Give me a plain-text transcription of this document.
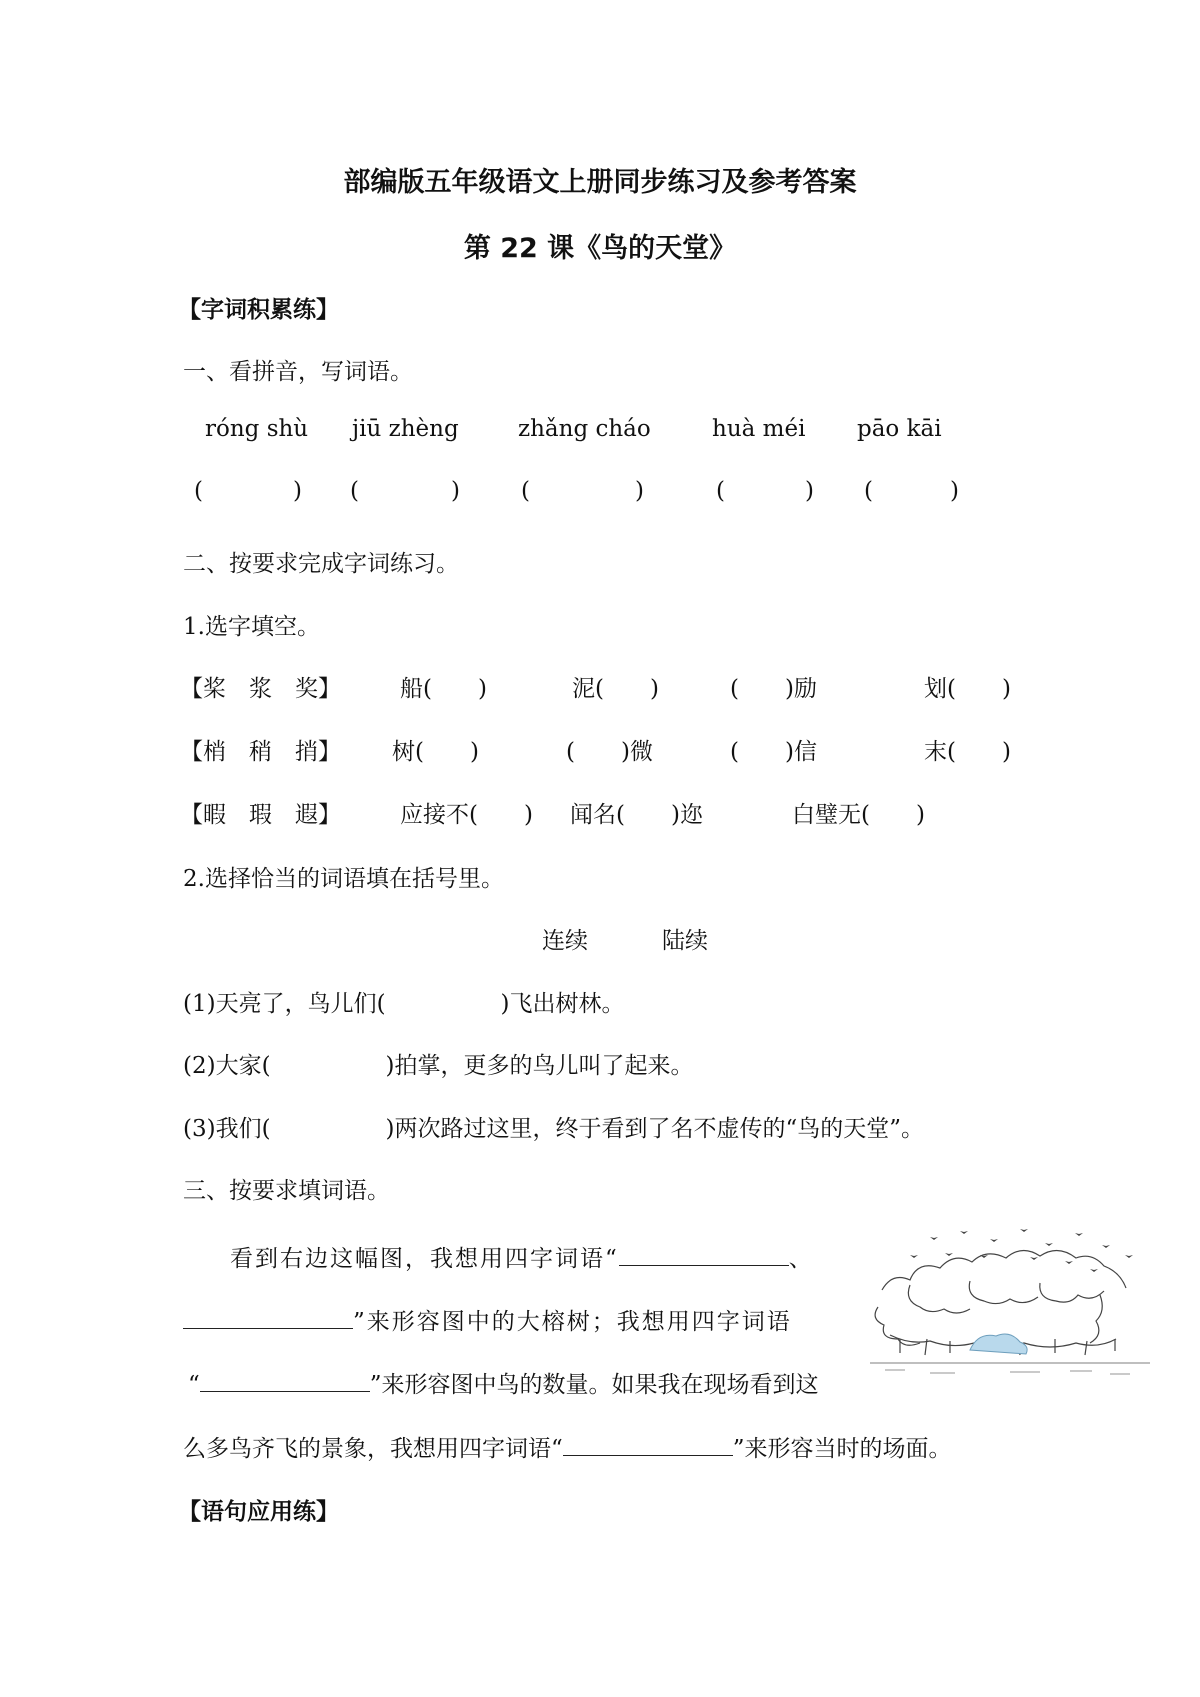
部编版五年级语文上册同步练习及参考答案
第 22 课《鸟的天堂》
【字词积累练】
一、看拼音，写词语。
róng shù jiū zhèng	zhǎng cháo	huà méi pāo kāi
(	) (	)	(	)	(	) (	)
二、按要求完成字词练习。
1.选字填空。
【桨　浆　奖】	船(　　)	泥(　　)	(　　)励	划(　　)
【梢　稍　捎】 树(　　)	(　　)微	(　　)信	末(　　)
【暇　瑕　遐】	应接不(　　) 闻名(　　)迩	白璧无(　　)
2.选择恰当的词语填在括号里。
连续	陆续
(1)天亮了，鸟儿们(　　　　　)飞出树林。
(2)大家(　　　　　)拍掌，更多的鸟儿叫了起来。
(3)我们(　　　　　)两次路过这里，终于看到了名不虚传的“鸟的天堂”。
三、按要求填词语。
看到右边这幅图，我想用四字词语“	、
”来形容图中的大榕树；我想用四字词语
“	”来形容图中鸟的数量。如果我在现场看到这
么多鸟齐飞的景象，我想用四字词语“	”来形容当时的场面。
【语句应用练】
